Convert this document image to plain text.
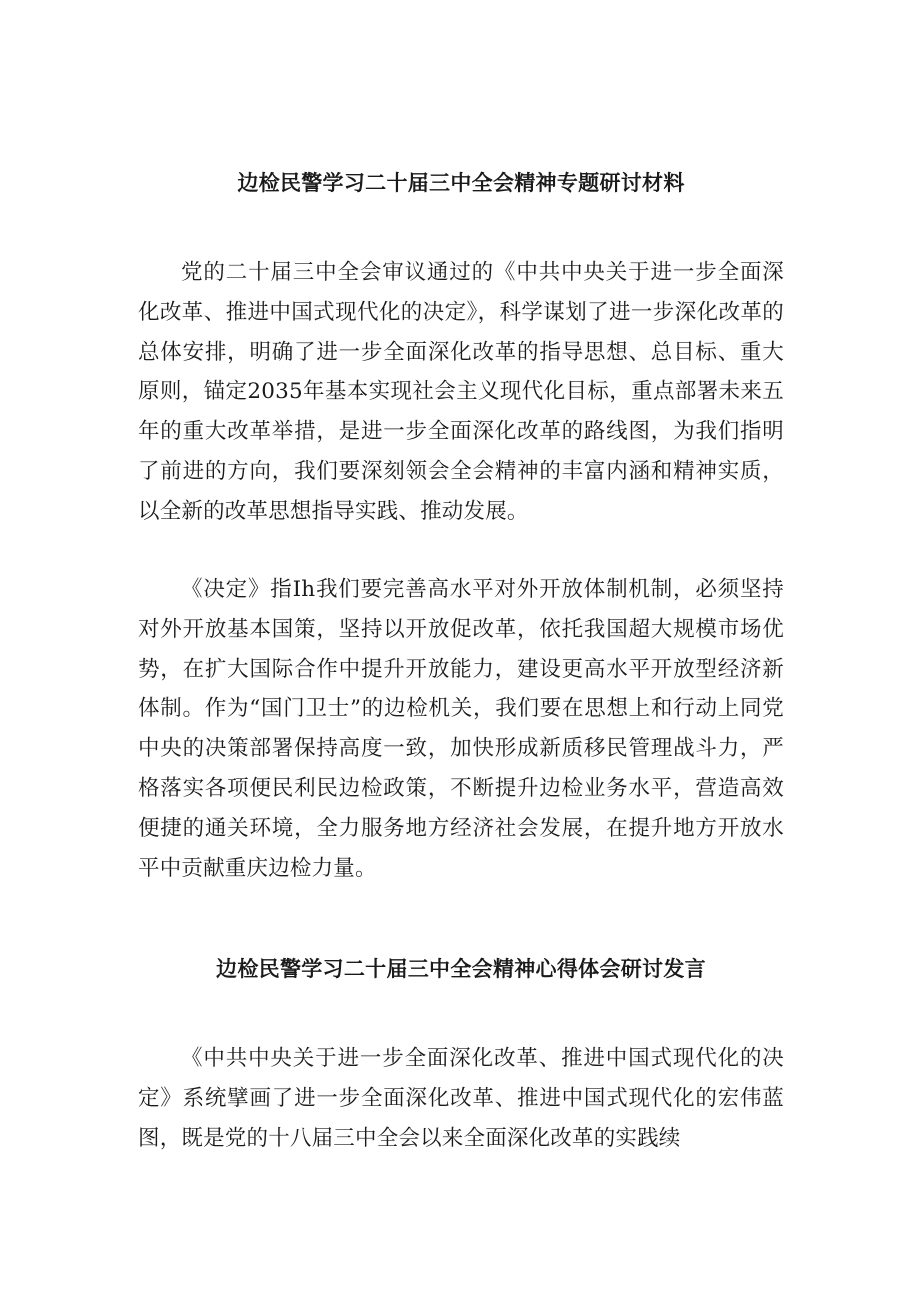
边检民警学习二十届三中全会精神专题研讨材料

党的二十届三中全会审议通过的《中共中央关于进一步全面深化改革、推进中国式现代化的决定》，科学谋划了进一步深化改革的总体安排，明确了进一步全面深化改革的指导思想、总目标、重大原则，锚定2035年基本实现社会主义现代化目标，重点部署未来五年的重大改革举措，是进一步全面深化改革的路线图，为我们指明了前进的方向，我们要深刻领会全会精神的丰富内涵和精神实质，以全新的改革思想指导实践、推动发展。

《决定》指Ih我们要完善高水平对外开放体制机制，必须坚持对外开放基本国策，坚持以开放促改革，依托我国超大规模市场优势，在扩大国际合作中提升开放能力，建设更高水平开放型经济新体制。作为“国门卫士”的边检机关，我们要在思想上和行动上同党中央的决策部署保持高度一致，加快形成新质移民管理战斗力，严格落实各项便民利民边检政策，不断提升边检业务水平，营造高效便捷的通关环境，全力服务地方经济社会发展，在提升地方开放水平中贡献重庆边检力量。

边检民警学习二十届三中全会精神心得体会研讨发言

《中共中央关于进一步全面深化改革、推进中国式现代化的决定》系统擘画了进一步全面深化改革、推进中国式现代化的宏伟蓝图，既是党的十八届三中全会以来全面深化改革的实践续
